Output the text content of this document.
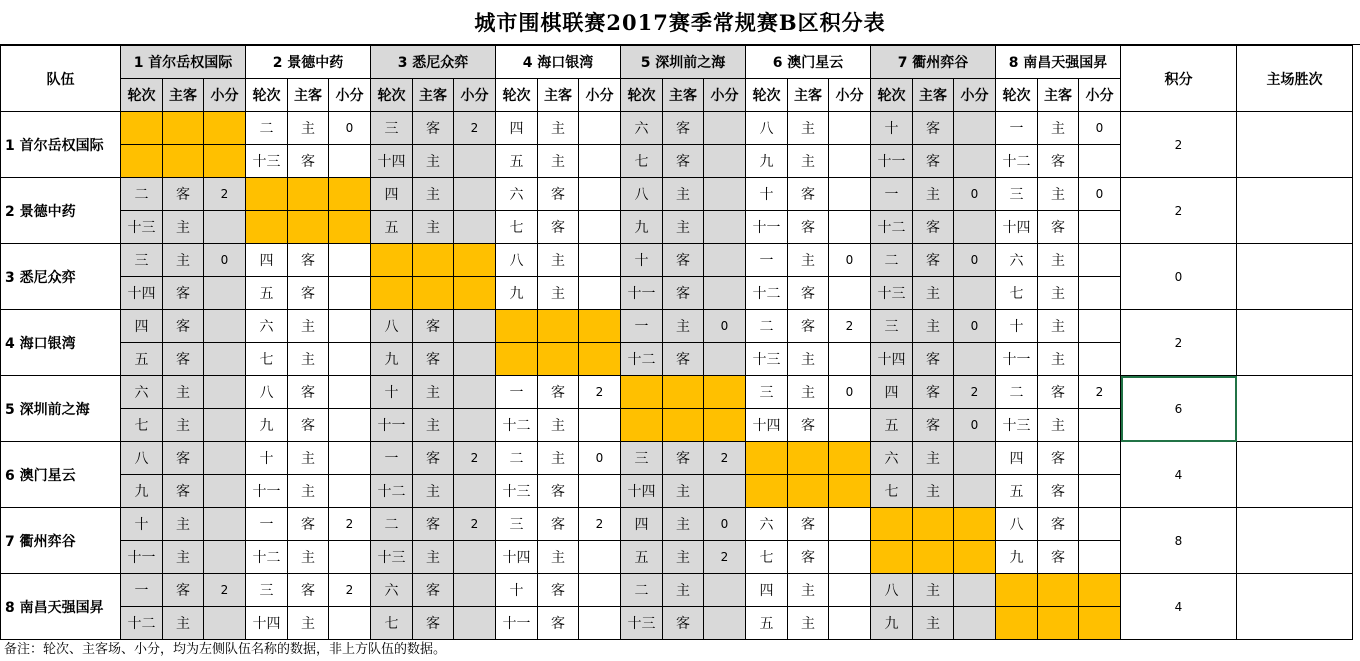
城市围棋联赛2017赛季常规赛B区积分表
队伍	1 首尔岳权国际			2 景德中药			3 悉尼众弈			4 海口银湾			5 深圳前之海			6 澳门星云			7 衢州弈谷			8 南昌天强国昇			积分	主场胜次
	轮次	主客	小分	轮次	主客	小分	轮次	主客	小分	轮次	主客	小分	轮次	主客	小分	轮次	主客	小分	轮次	主客	小分	轮次	主客	小分		
1 首尔岳权国际				二	主	0	三	客	2	四	主		六	客		八	主		十	客		一	主	0	2	
				十三	客		十四	主		五	主		七	客		九	主		十一	客		十二	客			
2 景德中药	二	客	2				四	主		六	客		八	主		十	客		一	主	0	三	主	0	2	
	十三	主					五	主		七	客		九	主		十一	客		十二	客		十四	客			
3 悉尼众弈	三	主	0	四	客					八	主		十	客		一	主	0	二	客	0	六	主		0	
	十四	客		五	客					九	主		十一	客		十二	客		十三	主		七	主			
4 海口银湾	四	客		六	主		八	客					一	主	0	二	客	2	三	主	0	十	主		2	
	五	客		七	主		九	客					十二	客		十三	主		十四	客		十一	主			
5 深圳前之海	六	主		八	客		十	主		一	客	2				三	主	0	四	客	2	二	客	2	6	
	七	主		九	客		十一	主		十二	主					十四	客		五	客	0	十三	主			
6 澳门星云	八	客		十	主		一	客	2	二	主	0	三	客	2				六	主		四	客		4	
	九	客		十一	主		十二	主		十三	客		十四	主					七	主		五	客			
7 衢州弈谷	十	主		一	客	2	二	客	2	三	客	2	四	主	0	六	客					八	客		8	
	十一	主		十二	主		十三	主		十四	主		五	主	2	七	客					九	客			
8 南昌天强国昇	一	客	2	三	客	2	六	客		十	客		二	主		四	主		八	主					4	
	十二	主		十四	主		七	客		十一	客		十三	客		五	主		九	主						
备注：轮次、主客场、小分，均为左侧队伍名称的数据，非上方队伍的数据。
